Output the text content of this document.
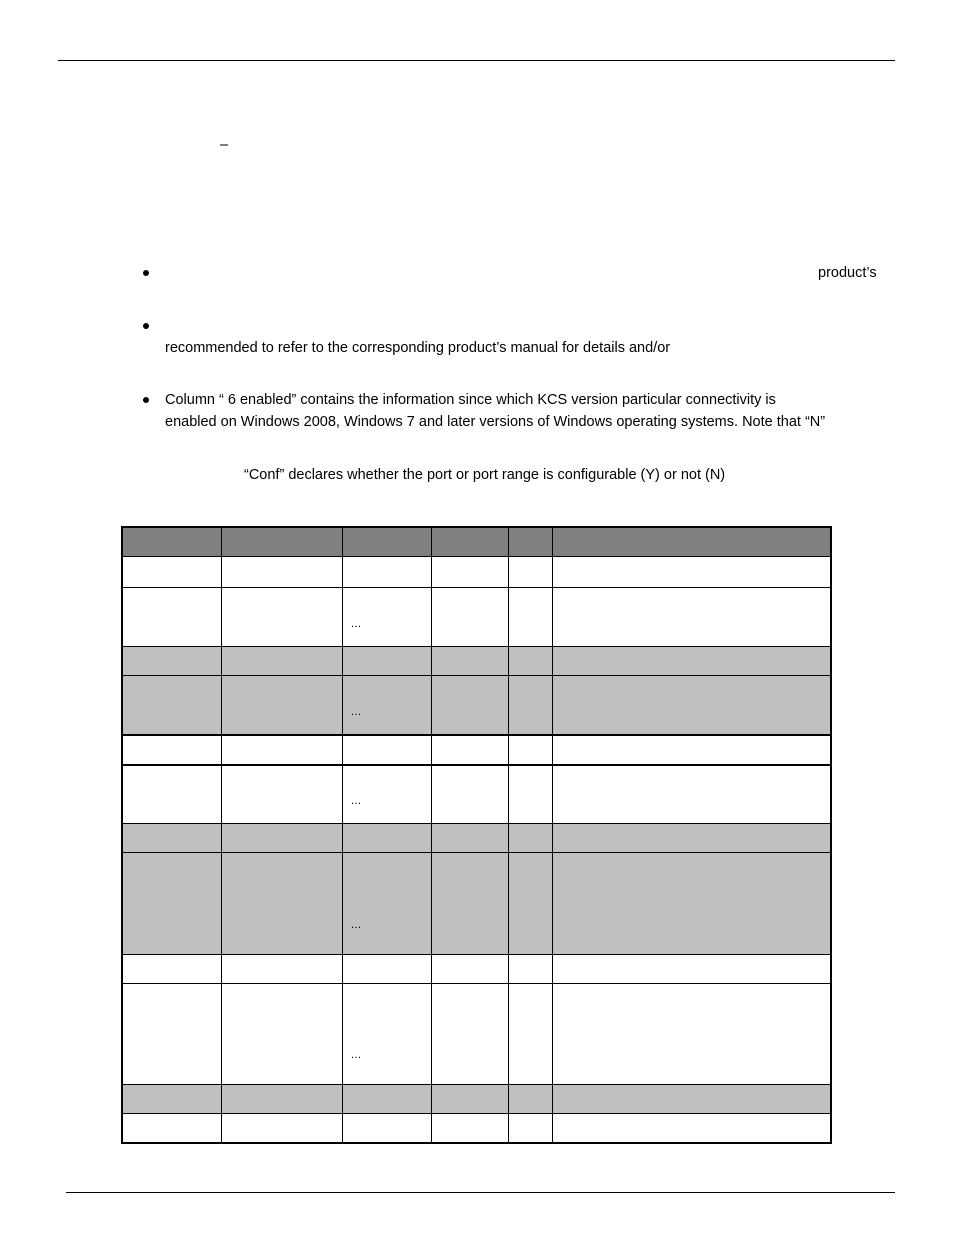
–
product’s
recommended to refer to the corresponding product’s manual for details and/or
Column “ 6 enabled” contains the information since which KCS version particular connectivity is
enabled on Windows 2008, Windows 7 and later versions of Windows operating systems. Note that “N”
“Conf” declares whether the port or port range is configurable (Y) or not (N)

		…			

		…			

		…			

		…			

		…			
